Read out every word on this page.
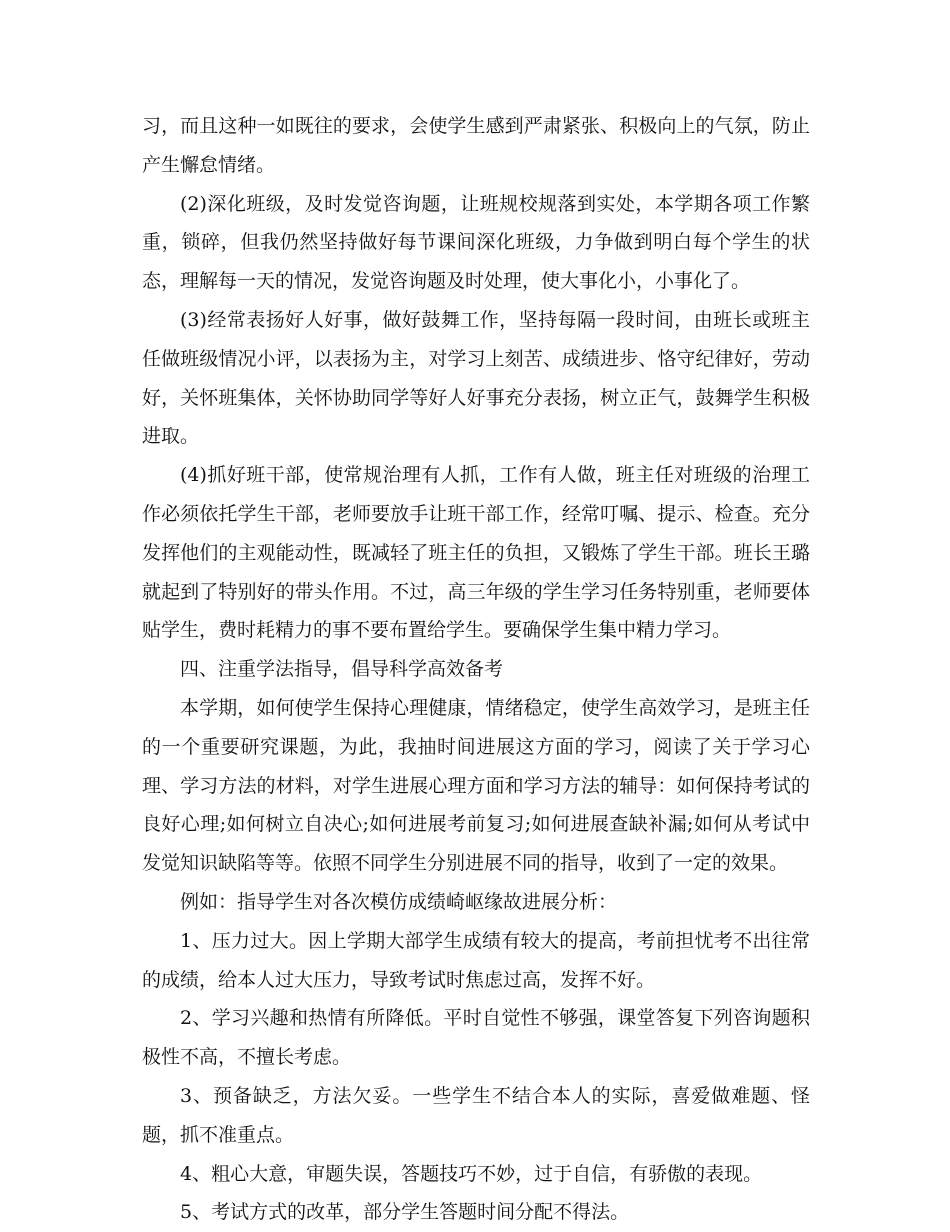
习，而且这种一如既往的要求，会使学生感到严肃紧张、积极向上的气氛，防止产生懈怠情绪。

(2)深化班级，及时发觉咨询题，让班规校规落到实处，本学期各项工作繁重，锁碎，但我仍然坚持做好每节课间深化班级，力争做到明白每个学生的状态，理解每一天的情况，发觉咨询题及时处理，使大事化小，小事化了。

(3)经常表扬好人好事，做好鼓舞工作，坚持每隔一段时间，由班长或班主任做班级情况小评，以表扬为主，对学习上刻苦、成绩进步、恪守纪律好，劳动好，关怀班集体，关怀协助同学等好人好事充分表扬，树立正气，鼓舞学生积极进取。

(4)抓好班干部，使常规治理有人抓，工作有人做，班主任对班级的治理工作必须依托学生干部，老师要放手让班干部工作，经常叮嘱、提示、检查。充分发挥他们的主观能动性，既减轻了班主任的负担，又锻炼了学生干部。班长王璐就起到了特别好的带头作用。不过，高三年级的学生学习任务特别重，老师要体贴学生，费时耗精力的事不要布置给学生。要确保学生集中精力学习。

四、注重学法指导，倡导科学高效备考

本学期，如何使学生保持心理健康，情绪稳定，使学生高效学习，是班主任的一个重要研究课题，为此，我抽时间进展这方面的学习，阅读了关于学习心理、学习方法的材料，对学生进展心理方面和学习方法的辅导：如何保持考试的良好心理;如何树立自决心;如何进展考前复习;如何进展查缺补漏;如何从考试中发觉知识缺陷等等。依照不同学生分别进展不同的指导，收到了一定的效果。

例如：指导学生对各次模仿成绩崎岖缘故进展分析：

1、压力过大。因上学期大部学生成绩有较大的提高，考前担忧考不出往常的成绩，给本人过大压力，导致考试时焦虑过高，发挥不好。

2、学习兴趣和热情有所降低。平时自觉性不够强，课堂答复下列咨询题积极性不高，不擅长考虑。

3、预备缺乏，方法欠妥。一些学生不结合本人的实际，喜爱做难题、怪题，抓不准重点。

4、粗心大意，审题失误，答题技巧不妙，过于自信，有骄傲的表现。

5、考试方式的改革，部分学生答题时间分配不得法。
